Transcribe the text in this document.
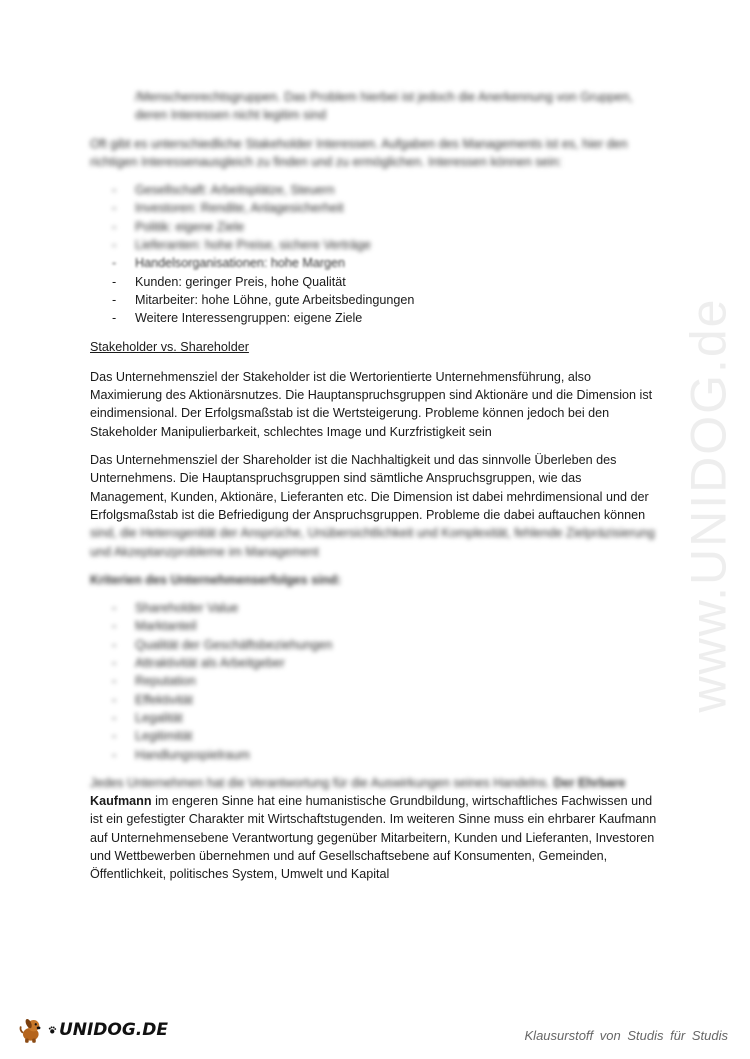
/Menschenrechtsgruppen. Das Problem hierbei ist jedoch die Anerkennung von Gruppen, deren Interessen nicht legitim sind

Oft gibt es unterschiedliche Stakeholder Interessen. Aufgaben des Managements ist es, hier den richtigen Interessenausgleich zu finden und zu ermöglichen. Interessen können sein:

- Gesellschaft: Arbeitsplätze, Steuern
- Investoren: Rendite, Anlagesicherheit
- Politik: eigene Ziele
- Lieferanten: hohe Preise, sichere Verträge
- Handelsorganisationen: hohe Margen
- Kunden: geringer Preis, hohe Qualität
- Mitarbeiter: hohe Löhne, gute Arbeitsbedingungen
- Weitere Interessengruppen: eigene Ziele

Stakeholder vs. Shareholder

Das Unternehmensziel der Stakeholder ist die Wertorientierte Unternehmensführung, also Maximierung des Aktionärsnutzes. Die Hauptanspruchsgruppen sind Aktionäre und die Dimension ist eindimensional. Der Erfolgsmaßstab ist die Wertsteigerung. Probleme können jedoch bei den Stakeholder Manipulierbarkeit, schlechtes Image und Kurzfristigkeit sein

Das Unternehmensziel der Shareholder ist die Nachhaltigkeit und das sinnvolle Überleben des Unternehmens. Die Hauptanspruchsgruppen sind sämtliche Anspruchsgruppen, wie das Management, Kunden, Aktionäre, Lieferanten etc. Die Dimension ist dabei mehrdimensional und der Erfolgsmaßstab ist die Befriedigung der Anspruchsgruppen. Probleme die dabei auftauchen können

sind, die Heterogenität der Ansprüche, Unübersichtlichkeit und Komplexität, fehlende Zielpräzisierung und Akzeptanzprobleme im Management

Kriterien des Unternehmenserfolges sind:

- Shareholder Value
- Marktanteil
- Qualität der Geschäftsbeziehungen
- Attraktivität als Arbeitgeber
- Reputation
- Effektivität
- Legalität
- Legitimität
- Handlungsspielraum

Jedes Unternehmen hat die Verantwortung für die Auswirkungen seines Handelns. Der Ehrbare

Kaufmann im engeren Sinne hat eine humanistische Grundbildung, wirtschaftliches Fachwissen und ist ein gefestigter Charakter mit Wirtschaftstugenden. Im weiteren Sinne muss ein ehrbarer Kaufmann auf Unternehmensebene Verantwortung gegenüber Mitarbeitern, Kunden und Lieferanten, Investoren und Wettbewerben übernehmen und auf Gesellschaftsebene auf Konsumenten, Gemeinden, Öffentlichkeit, politisches System, Umwelt und Kapital

www.UNIDOG.de
UNIDOG.DE	Klausurstoff von Studis für Studis
